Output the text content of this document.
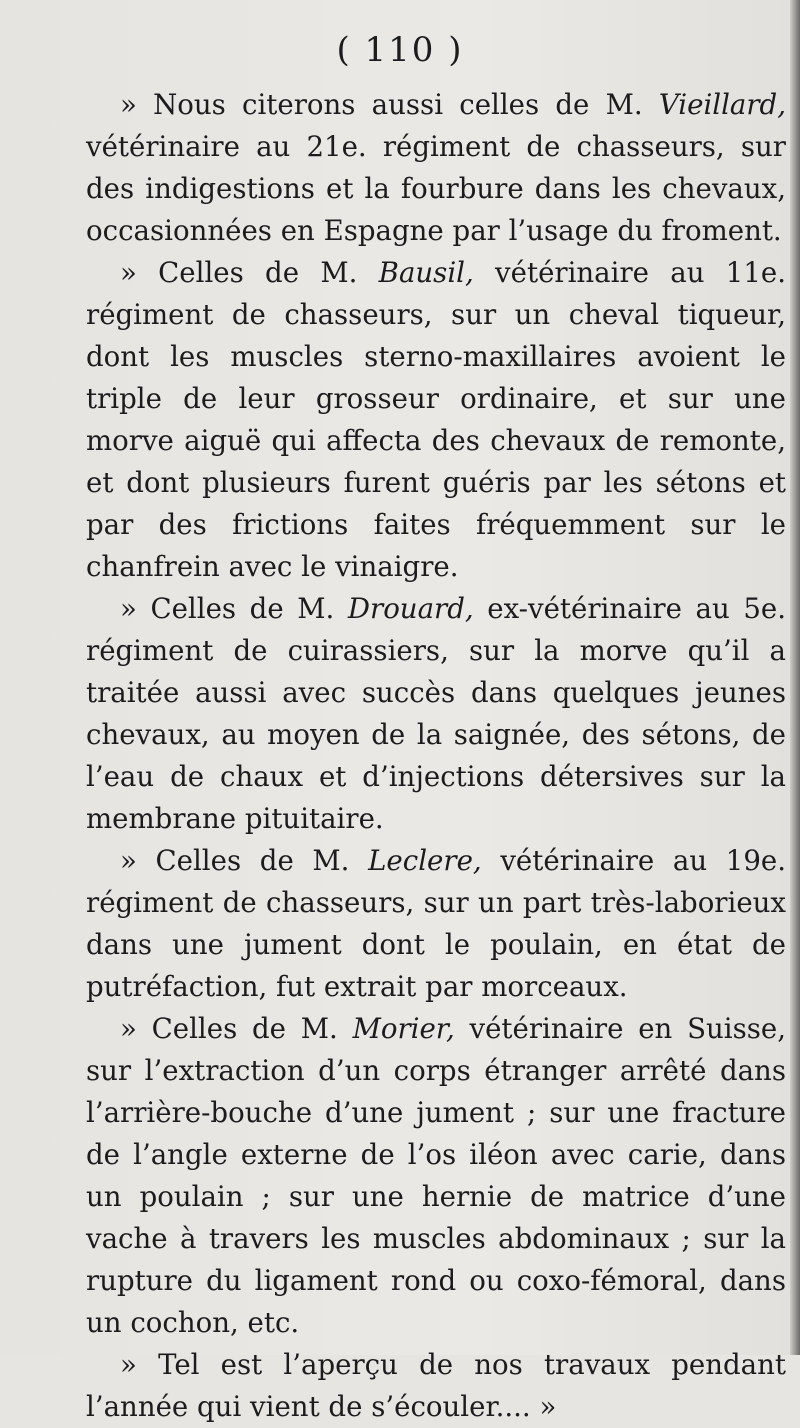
( 110 )

» Nous citerons aussi celles de M. Vieillard, vétérinaire au 21e. régiment de chasseurs, sur des indigestions et la fourbure dans les chevaux, occasionnées en Espagne par l’usage du froment.

» Celles de M. Bausil, vétérinaire au 11e. régiment de chasseurs, sur un cheval tiqueur, dont les muscles sterno-maxillaires avoient le triple de leur grosseur ordinaire, et sur une morve aiguë qui affecta des chevaux de remonte, et dont plusieurs furent guéris par les sétons et par des frictions faites fréquemment sur le chanfrein avec le vinaigre.

» Celles de M. Drouard, ex-vétérinaire au 5e. régiment de cuirassiers, sur la morve qu’il a traitée aussi avec succès dans quelques jeunes chevaux, au moyen de la saignée, des sétons, de l’eau de chaux et d’injections détersives sur la membrane pituitaire.

» Celles de M. Leclere, vétérinaire au 19e. régiment de chasseurs, sur un part très-laborieux dans une jument dont le poulain, en état de putréfaction, fut extrait par morceaux.

» Celles de M. Morier, vétérinaire en Suisse, sur l’extraction d’un corps étranger arrêté dans l’arrière-bouche d’une jument ; sur une fracture de l’angle externe de l’os iléon avec carie, dans un poulain ; sur une hernie de matrice d’une vache à travers les muscles abdominaux ; sur la rupture du ligament rond ou coxo-fémoral, dans un cochon, etc.

» Tel est l’aperçu de nos travaux pendant l’année qui vient de s’écouler.... »
